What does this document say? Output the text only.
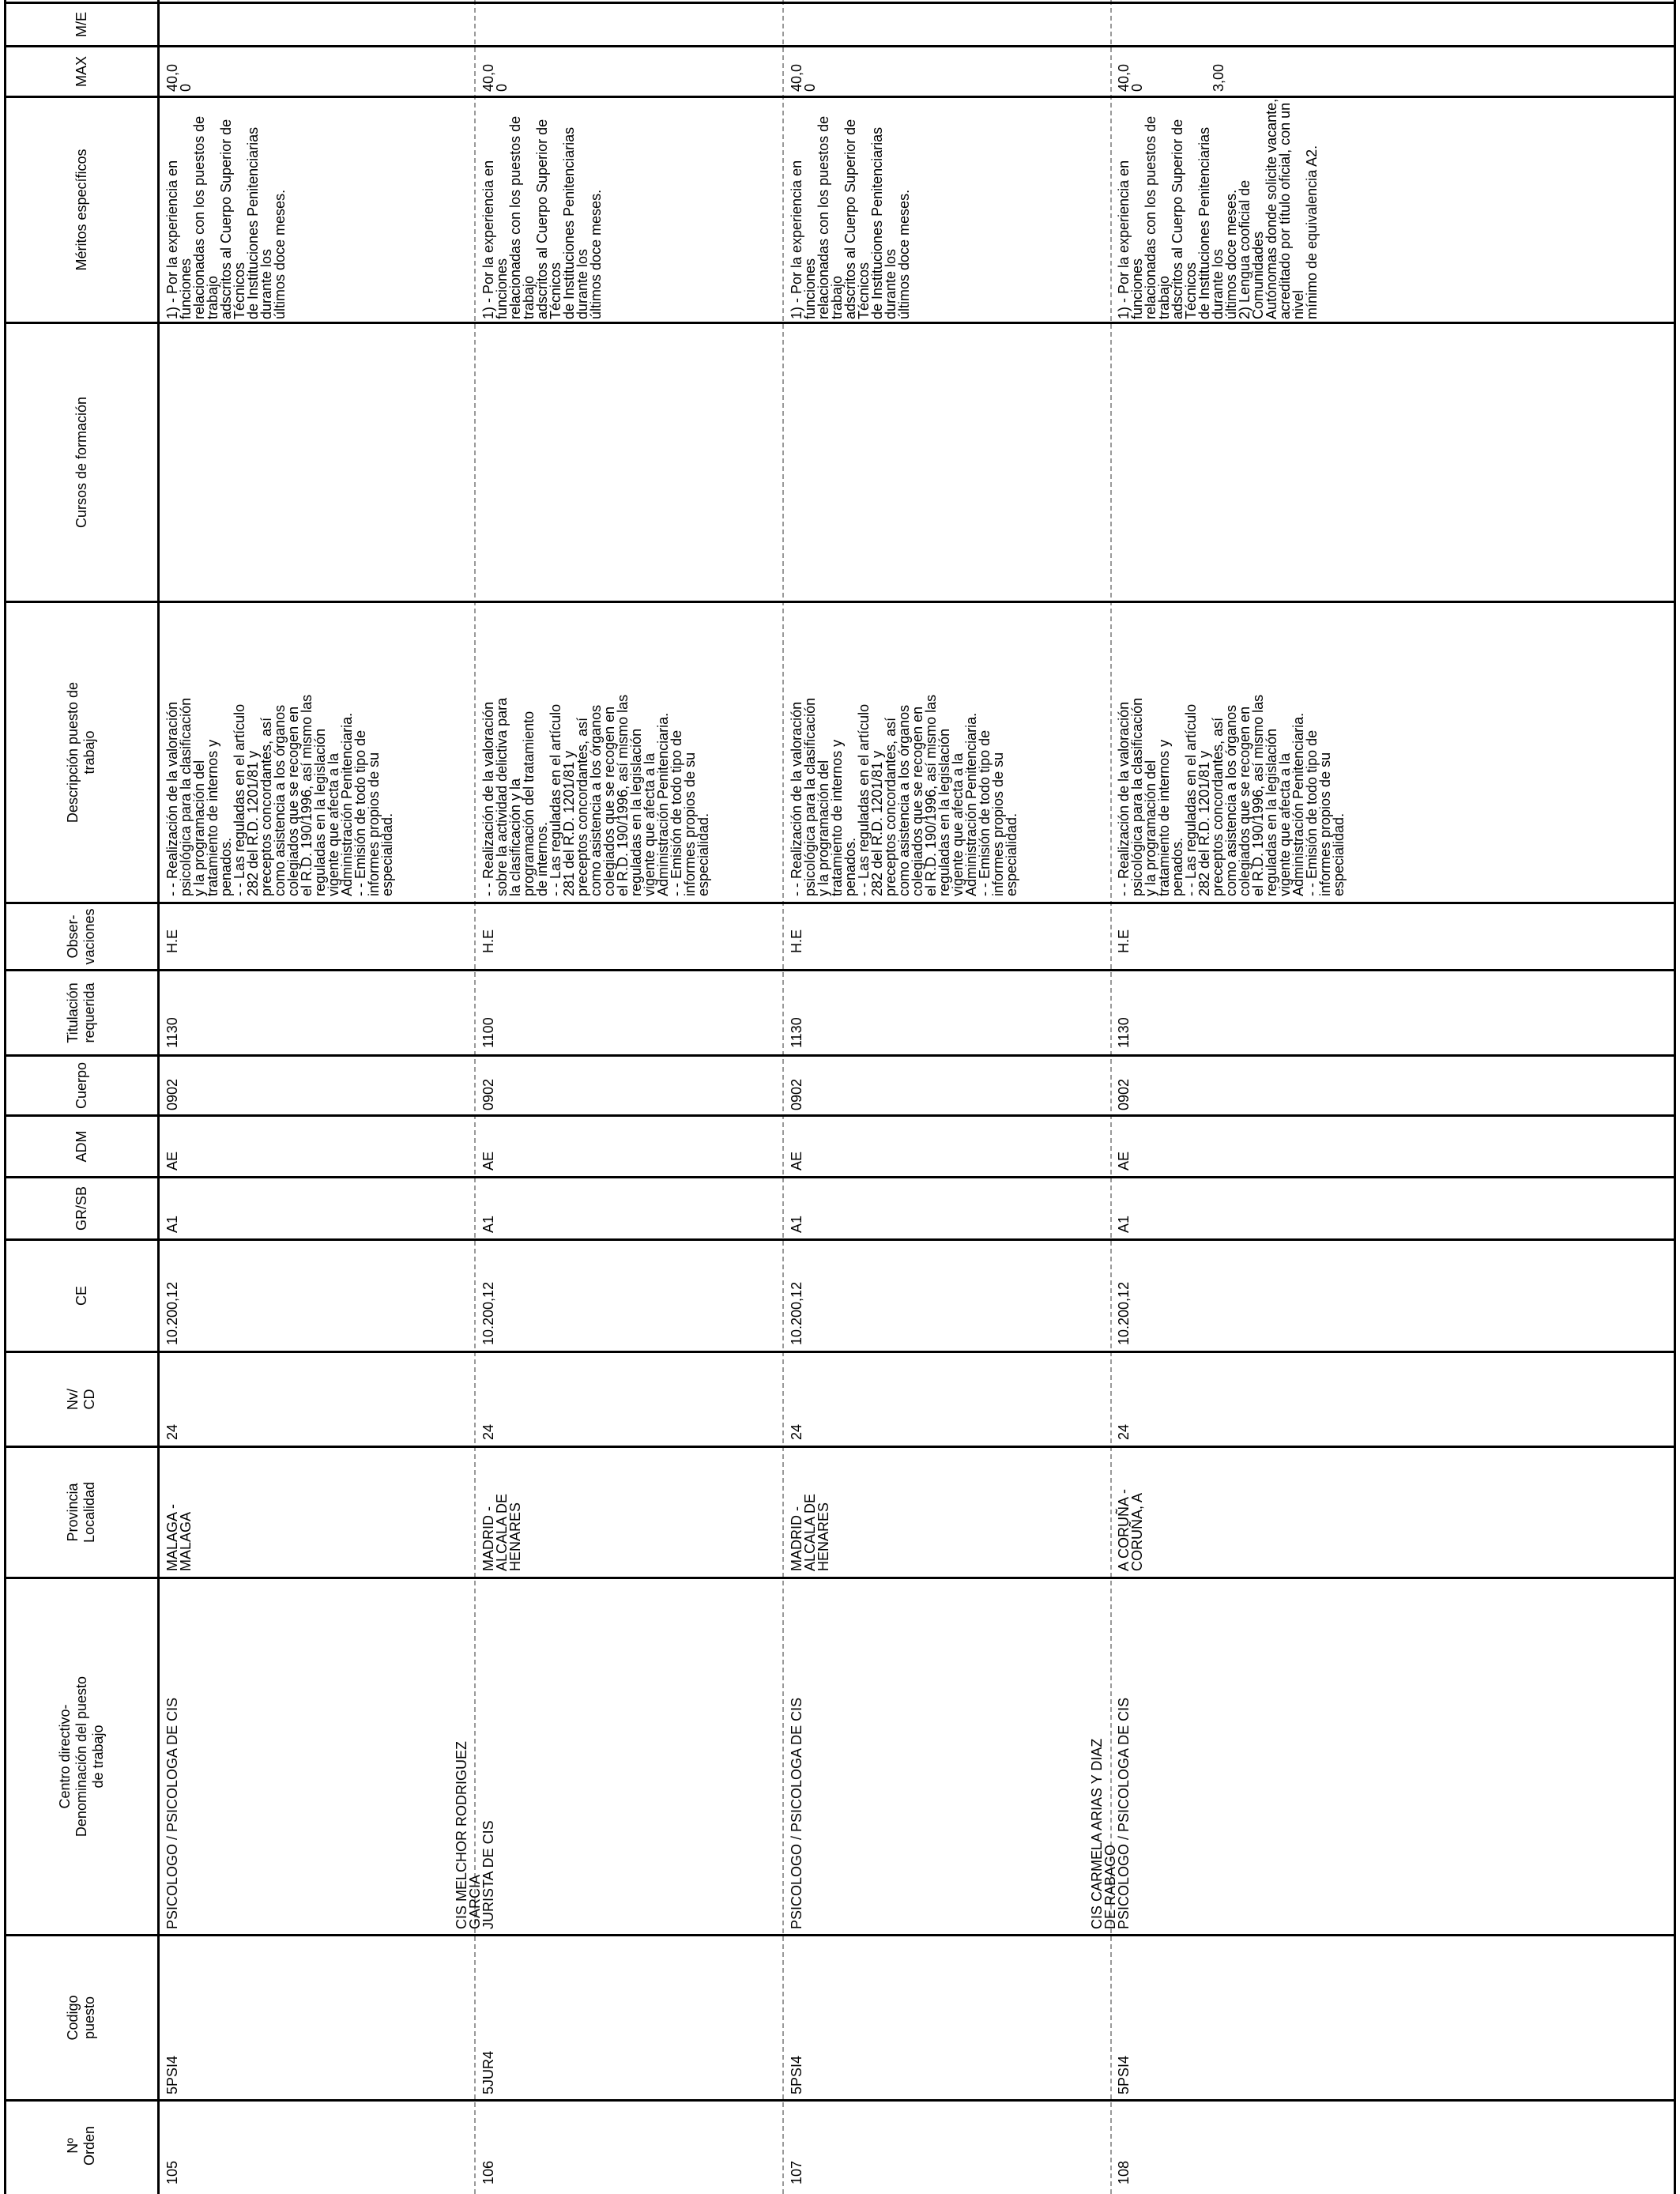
Nº
Orden
Codigo
puesto
Centro directivo-
Denominación del puesto
de trabajo
Provincia
Localidad
Nv/
CD
CE
GR/SB
ADM
Cuerpo
Titulación
requerida
Obser-
vaciones
Descripción puesto de
trabajo
Cursos de formación
Méritos específicos
MAX
M/E
105
5PSI4
PSICOLOGO / PSICOLOGA DE CIS
MALAGA -
MALAGA
24
10.200,12
A1
AE
0902
1130
H.E
- - Realización de la valoración
psicológica para la clasificación
y la programación del
tratamiento de internos y
penados.
- - Las reguladas en el artículo
282 del R.D. 1201/81 y
preceptos concordantes, así
como asistencia a los órganos
colegiados que se recogen en
el R.D. 190/1996, así mismo las
reguladas en la legislación
vigente que afecta a la
Administración Penitenciaria.
- - Emisión de todo tipo de
informes propios de su
especialidad.
1) - Por la experiencia en funciones
relacionadas con los puestos de trabajo
adscritos al Cuerpo Superior de Técnicos
de Instituciones Penitenciarias durante los
últimos doce meses.
40,0
0
106
5JUR4
CIS MELCHOR RODRIGUEZ
GARCIA
JURISTA DE CIS
MADRID -
ALCALA DE
HENARES
24
10.200,12
A1
AE
0902
1100
H.E
- - Realización de la valoración
sobre la actividad delictiva para
la clasificación y la
programación del tratamiento
de internos.
- - Las reguladas en el artículo
281 del R.D. 1201/81 y
preceptos concordantes, así
como asistencia a los órganos
colegiados que se recogen en
el R.D. 190/1996, así mismo las
reguladas en la legislación
vigente que afecta a la
Administración Penitenciaria.
- - Emisión de todo tipo de
informes propios de su
especialidad.
1) - Por la experiencia en funciones
relacionadas con los puestos de trabajo
adscritos al Cuerpo Superior de Técnicos
de Instituciones Penitenciarias durante los
últimos doce meses.
40,0
0
107
5PSI4
PSICOLOGO / PSICOLOGA DE CIS
MADRID -
ALCALA DE
HENARES
24
10.200,12
A1
AE
0902
1130
H.E
- - Realización de la valoración
psicológica para la clasificación
y la programación del
tratamiento de internos y
penados.
- - Las reguladas en el artículo
282 del R.D. 1201/81 y
preceptos concordantes, así
como asistencia a los órganos
colegiados que se recogen en
el R.D. 190/1996, así mismo las
reguladas en la legislación
vigente que afecta a la
Administración Penitenciaria.
- - Emisión de todo tipo de
informes propios de su
especialidad.
1) - Por la experiencia en funciones
relacionadas con los puestos de trabajo
adscritos al Cuerpo Superior de Técnicos
de Instituciones Penitenciarias durante los
últimos doce meses.
40,0
0
108
5PSI4
CIS CARMELA ARIAS Y DIAZ
DE RABAGO
PSICOLOGO / PSICOLOGA DE CIS
A CORUÑA -
CORUÑA, A
24
10.200,12
A1
AE
0902
1130
H.E
- - Realización de la valoración
psicológica para la clasificación
y la programación del
tratamiento de internos y
penados.
- - Las reguladas en el artículo
282 del R.D. 1201/81 y
preceptos concordantes, así
como asistencia a los órganos
colegiados que se recogen en
el R.D. 190/1996, así mismo las
reguladas en la legislación
vigente que afecta a la
Administración Penitenciaria.
- - Emisión de todo tipo de
informes propios de su
especialidad.
1) - Por la experiencia en funciones
relacionadas con los puestos de trabajo
adscritos al Cuerpo Superior de Técnicos
de Instituciones Penitenciarias durante los
últimos doce meses.
2) Lengua cooficial de Comunidades
Autónomas donde solicite vacante,
acreditado por título oficial, con un nivel
mínimo de equivalencia A2.
40,0
0	3,00
